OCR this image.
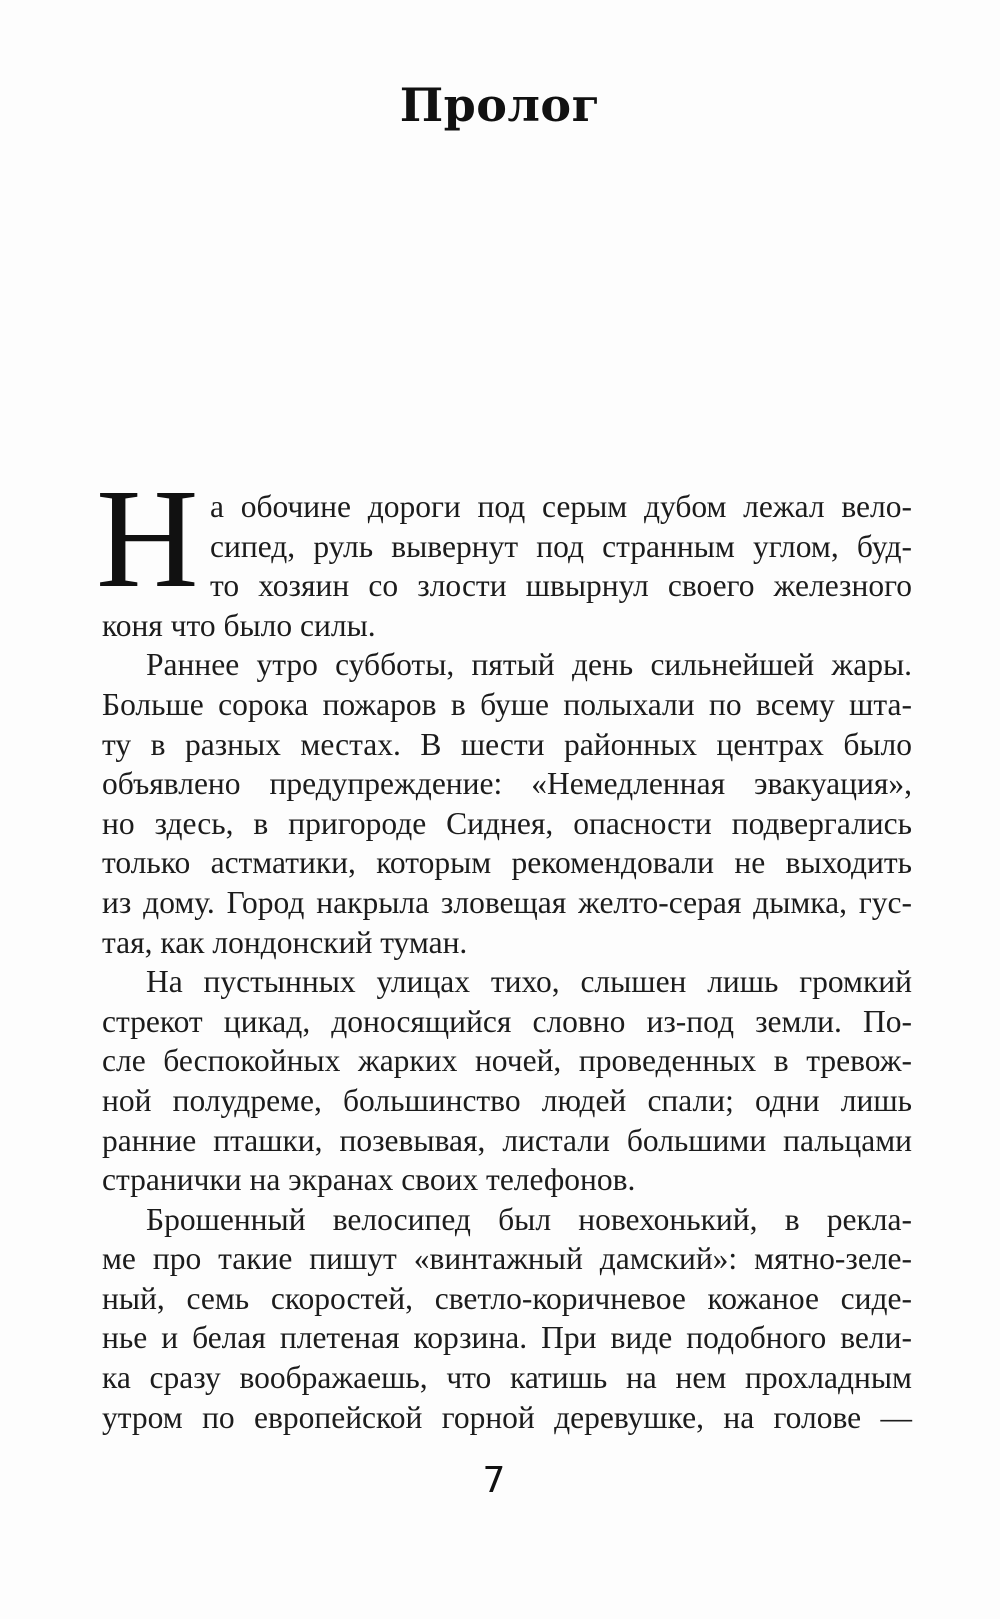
Пролог
Н а обочине дороги под серым дубом лежал вело-
сипед, руль вывернут под странным углом, буд-
то хозяин со злости швырнул своего железного
коня что было силы.
Раннее утро субботы, пятый день сильнейшей жары.
Больше сорока пожаров в буше полыхали по всему шта-
ту в разных местах. В шести районных центрах было
объявлено предупреждение: «Немедленная эвакуация»,
но здесь, в пригороде Сиднея, опасности подвергались
только астматики, которым рекомендовали не выходить
из дому. Город накрыла зловещая желто-серая дымка, гус-
тая, как лондонский туман.
На пустынных улицах тихо, слышен лишь громкий
стрекот цикад, доносящийся словно из-под земли. По-
сле беспокойных жарких ночей, проведенных в тревож-
ной полудреме, большинство людей спали; одни лишь
ранние пташки, позевывая, листали большими пальцами
странички на экранах своих телефонов.
Брошенный велосипед был новехонький, в рекла-
ме про такие пишут «винтажный дамский»: мятно-зеле-
ный, семь скоростей, светло-коричневое кожаное сиде-
нье и белая плетеная корзина. При виде подобного вели-
ка сразу воображаешь, что катишь на нем прохладным
утром по европейской горной деревушке, на голове —
7
